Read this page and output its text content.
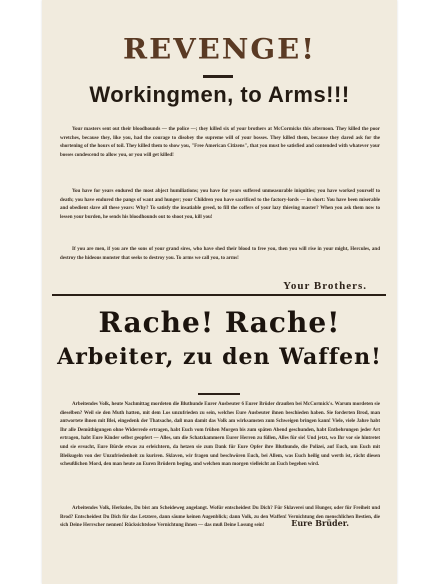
REVENGE!
Workingmen, to Arms!!!

Your masters sent out their bloodhounds — the police —; they killed six of your brothers at McCormicks this afternoon. They killed the poor wretches, because they, like you, had the courage to disobey the supreme will of your bosses. They killed them, because they dared ask for the shortening of the hours of toil. They killed them to show you, "Free American Citizens", that you must be satisfied and contended with whatever your bosses condescend to allow you, or you will get killed!

You have for years endured the most abject humiliations; you have for years suffered unmeasurable iniquities; you have worked yourself to death; you have endured the pangs of want and hunger; your Children you have sacrificed to the factory-lords — in short: You have been miserable and obedient slave all these years: Why? To satisfy the insatiable greed, to fill the coffers of your lazy thieving master? When you ask them now to lessen your burden, he sends his bloodhounds out to shoot you, kill you!

If you are men, if you are the sons of your grand sires, who have shed their blood to free you, then you will rise in your might, Hercules, and destroy the hideous monster that seeks to destroy you. To arms we call you, to arms!

Your Brothers.
Rache! Rache!
Arbeiter, zu den Waffen!

Arbeitendes Volk, heute Nachmittag mordeten die Bluthunde Eurer Ausbeuter 6 Eurer Brüder draußen bei McCormick's. Warum mordeten sie dieselben? Weil sie den Muth hatten, mit dem Los unzufrieden zu sein, welches Eure Ausbeuter ihnen beschieden haben. Sie forderten Brod, man antwortete ihnen mit Blei, eingedenk der Thatsache, daß man damit das Volk am wirksamsten zum Schweigen bringen kann! Viele, viele Jahre habt Ihr alle Demüthigungen ohne Widerrede ertragen, habt Euch vom frühen Morgen bis zum späten Abend geschunden, habt Entbehrungen jeder Art ertragen, habt Eure Kinder selbst geopfert — Alles, um die Schatzkammern Eurer Herren zu füllen, Alles für sie! Und jetzt, wo Ihr vor sie hintretet und sie ersucht, Eure Bürde etwas zu erleichtern, da hetzen sie zum Dank für Eure Opfer ihre Bluthunde, die Polizei, auf Euch, um Euch mit Bleikugeln von der Unzufriedenheit zu kuriren. Sklaven, wir fragen und beschwören Euch, bei Allem, was Euch heilig und werth ist, rächt diesen scheußlichen Mord, den man heute an Euren Brüdern beging, und welchen man morgen vielleicht an Euch begehen wird.

Arbeitendes Volk, Herkules, Du bist am Scheideweg angelangt. Wofür entscheidest Du Dich? Für Sklaverei und Hunger, oder für Freiheit und Brod? Entscheidest Du Dich für das Letztere, dann säume keinen Augenblick; dann Volk, zu den Waffen! Vernichtung den menschlichen Bestien, die sich Deine Herrscher nennen! Rücksichtslose Vernichtung ihnen — das muß Deine Losung sein!	Eure Brüder.
